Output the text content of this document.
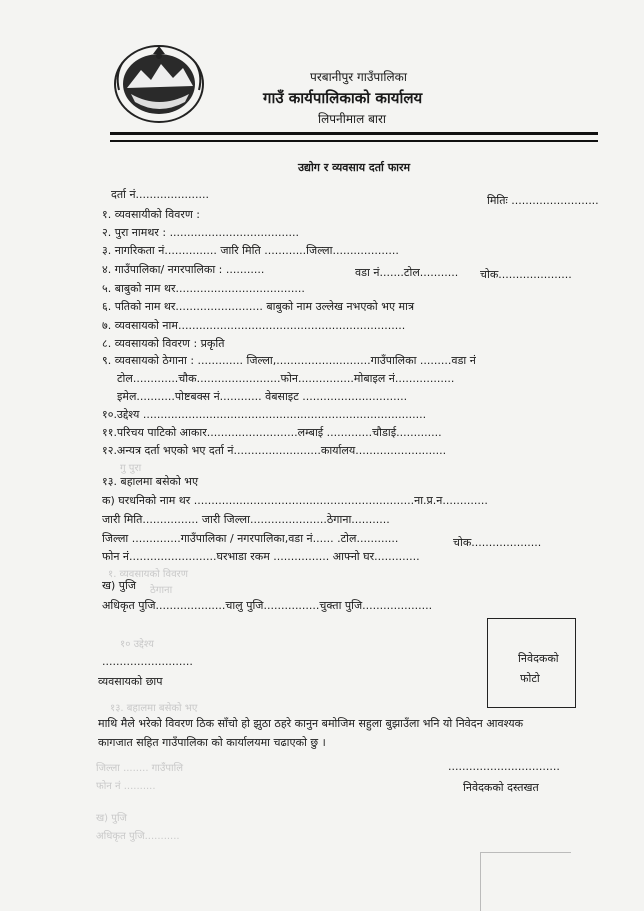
परबानीपुर गाउँपालिका
गाउँ कार्यपालिकाको कार्यालय
लिपनीमाल बारा
उद्योग र व्यवसाय दर्ता फारम
दर्ता नं.....................	मितिः .........................
१. व्यवसायीको विवरण :
२. पुरा नामथर : .....................................
३. नागरिकता नं............... जारि मिति ............जिल्ला...................
४. गाउँपालिका/ नगरपालिका : ...........	वडा नं.......टोल........... चोक.....................
५. बाबुको नाम थर.....................................
६. पतिको नाम थर......................... बाबुको नाम उल्लेख नभएको भए मात्र
७. व्यवसायको नाम.................................................................
८. व्यवसायको विवरण : प्रकृति
९. व्यवसायको ठेगाना : ............. जिल्ला,...........................गाउँपालिका .........वडा नं
टोल.............चौक........................फोन................मोबाइल नं.................
इमेल...........पोष्टबक्स नं............ वेबसाइट ..............................
१०.उद्देश्य .................................................................................
११.परिचय पाटिको आकार..........................लम्बाई .............चौडाई.............
१२.अन्यत्र दर्ता भएको भए दर्ता नं.........................कार्यालय..........................
गु पुरा
१३. बहालमा बसेको भए
क) घरधनिको नाम थर ...............................................................ना.प्र.न.............
जारी मिति................ जारी जिल्ला......................ठेगाना...........
जिल्ला ..............गाउँपालिका / नगरपालिका,वडा नं...... .टोल............	चोक....................
फोन नं.........................घरभाडा रकम ................ आफ्नो घर.............
१. व्यवसायको विवरण
ठेगाना
ख) पुजि
अधिकृत पुजि....................चालु पुजि................चुक्ता पुजि....................
१० उद्देश्य
निवेदकको
फोटो
..........................
व्यवसायको छाप
१३. बहालमा बसेको भए
माथि मैले भरेको विवरण ठिक साँचो हो झुठा ठहरे कानुन बमोजिम सहुला बुझाउँला भनि यो निवेदन आवश्यक
कागजात सहित गाउँपालिका को कार्यालयमा चढाएको छु ।
जिल्ला ........ गाउँपालि
फोन नं ..........
................................
निवेदकको दस्तखत
ख) पुजि
अधिकृत पुजि...........
